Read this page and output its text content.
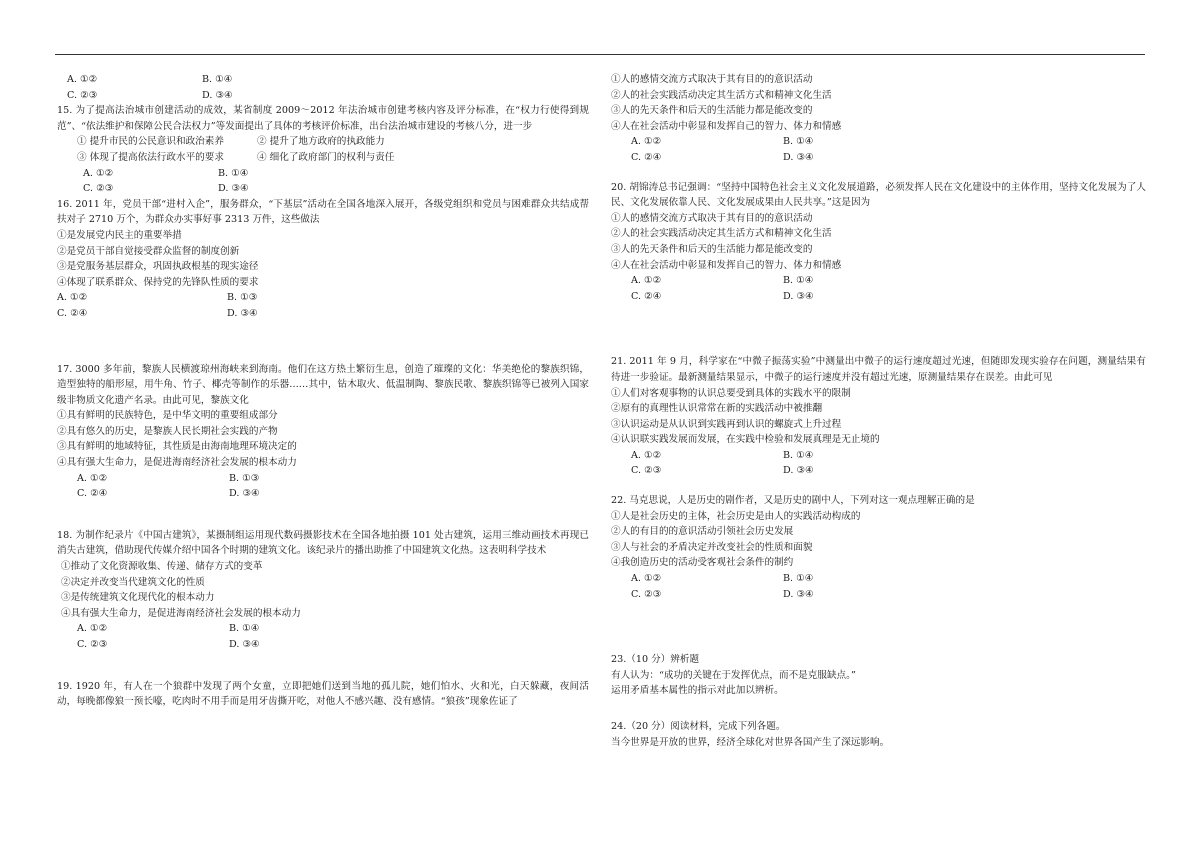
A. ①②	B. ①④
C. ②③	D. ③④

15. 为了提高法治城市创建活动的成效，某省制度 2009～2012 年法治城市创建考核内容及评分标准，在“权力行使得到规范”、“依法维护和保障公民合法权力”等发面提出了具体的考核评价标准，出台法治城市建设的考核八分，进一步

① 提升市民的公民意识和政治素养	② 提升了地方政府的执政能力
③ 体现了提高依法行政水平的要求	④ 细化了政府部门的权利与责任
A. ①②	B. ①④
C. ②③	D. ③④

16. 2011 年，党员干部“进村入企”，服务群众，“下基层”活动在全国各地深入展开，各级党组织和党员与困难群众共结成帮扶对子 2710 万个，为群众办实事好事 2313 万件，这些做法

①是发展党内民主的重要举措

②是党员干部自觉接受群众监督的制度创新

③是党服务基层群众，巩固执政根基的现实途径

④体现了联系群众、保持党的先锋队性质的要求

A. ①②	B. ①③
C. ②④	D. ③④

17. 3000 多年前，黎族人民横渡琼州海峡来到海南。他们在这方热土繁衍生息，创造了璀璨的文化：华美绝伦的黎族织锦，造型独特的船形屋，用牛角、竹子、椰壳等制作的乐器……其中，钻木取火、低温制陶、黎族民歌、黎族织锦等已被列入国家级非物质文化遗产名录。由此可见，黎族文化

①具有鲜明的民族特色，是中华文明的重要组成部分

②具有悠久的历史，是黎族人民长期社会实践的产物

③具有鲜明的地域特征，其性质是由海南地理环境决定的

④具有强大生命力，是促进海南经济社会发展的根本动力

A. ①②	B. ①③
C. ②④	D. ③④

18. 为制作纪录片《中国古建筑》，某摄制组运用现代数码摄影技术在全国各地拍摄 101 处古建筑，运用三维动画技术再现已消失古建筑，借助现代传媒介绍中国各个时期的建筑文化。该纪录片的播出助推了中国建筑文化热。这表明科学技术

①推动了文化资源收集、传递、储存方式的变革

②决定并改变当代建筑文化的性质

③是传统建筑文化现代化的根本动力

④具有强大生命力，是促进海南经济社会发展的根本动力

A. ①②	B. ①④
C. ②③	D. ③④

19. 1920 年，有人在一个狼群中发现了两个女童，立即把她们送到当地的孤儿院，她们怕水、火和光，白天躲藏，夜间活动，每晚都像狼一预长嚎，吃肉时不用手而是用牙齿撕开吃，对他人不感兴趣、没有感情。“狼孩”现象佐证了

①人的感情交流方式取决于其有目的的意识活动

②人的社会实践活动决定其生活方式和精神文化生活

③人的先天条件和后天的生活能力都是能改变的

④人在社会活动中彰显和发挥自己的智力、体力和情感

A. ①②	B. ①④
C. ②④	D. ③④

20. 胡锦涛总书记强调：“坚持中国特色社会主义文化发展道路，必须发挥人民在文化建设中的主体作用，坚持文化发展为了人民、文化发展依靠人民、文化发展成果由人民共享。”这是因为

①人的感情交流方式取决于其有目的的意识活动

②人的社会实践活动决定其生活方式和精神文化生活

③人的先天条件和后天的生活能力都是能改变的

④人在社会活动中彰显和发挥自己的智力、体力和情感

A. ①②	B. ①④
C. ②④	D. ③④

21. 2011 年 9 月，科学家在“中微子振荡实验”中测量出中微子的运行速度超过光速，但随即发现实验存在问题，测量结果有待进一步验证。最新测量结果显示，中微子的运行速度并没有超过光速，原测量结果存在误差。由此可见

①人们对客观事物的认识总要受到具体的实践水平的限制

②原有的真理性认识常常在新的实践活动中被推翻

③认识运动是从认识到实践再到认识的螺旋式上升过程

④认识联实践发展而发展，在实践中检验和发展真理是无止境的

A. ①②	B. ①④
C. ②③	D. ③④

22. 马克思说，人是历史的剧作者，又是历史的剧中人，下列对这一观点理解正确的是

①人是社会历史的主体，社会历史是由人的实践活动构成的

②人的有目的的意识活动引领社会历史发展

③人与社会的矛盾决定并改变社会的性质和面貌

④我创造历史的活动受客观社会条件的制约

A. ①②	B. ①④
C. ②③	D. ③④

23.（10 分）辨析题

有人认为：“成功的关键在于发挥优点，而不是克服缺点。”

运用矛盾基本属性的指示对此加以辨析。

24.（20 分）阅读材料，完成下列各题。

当今世界是开放的世界，经济全球化对世界各国产生了深远影响。
